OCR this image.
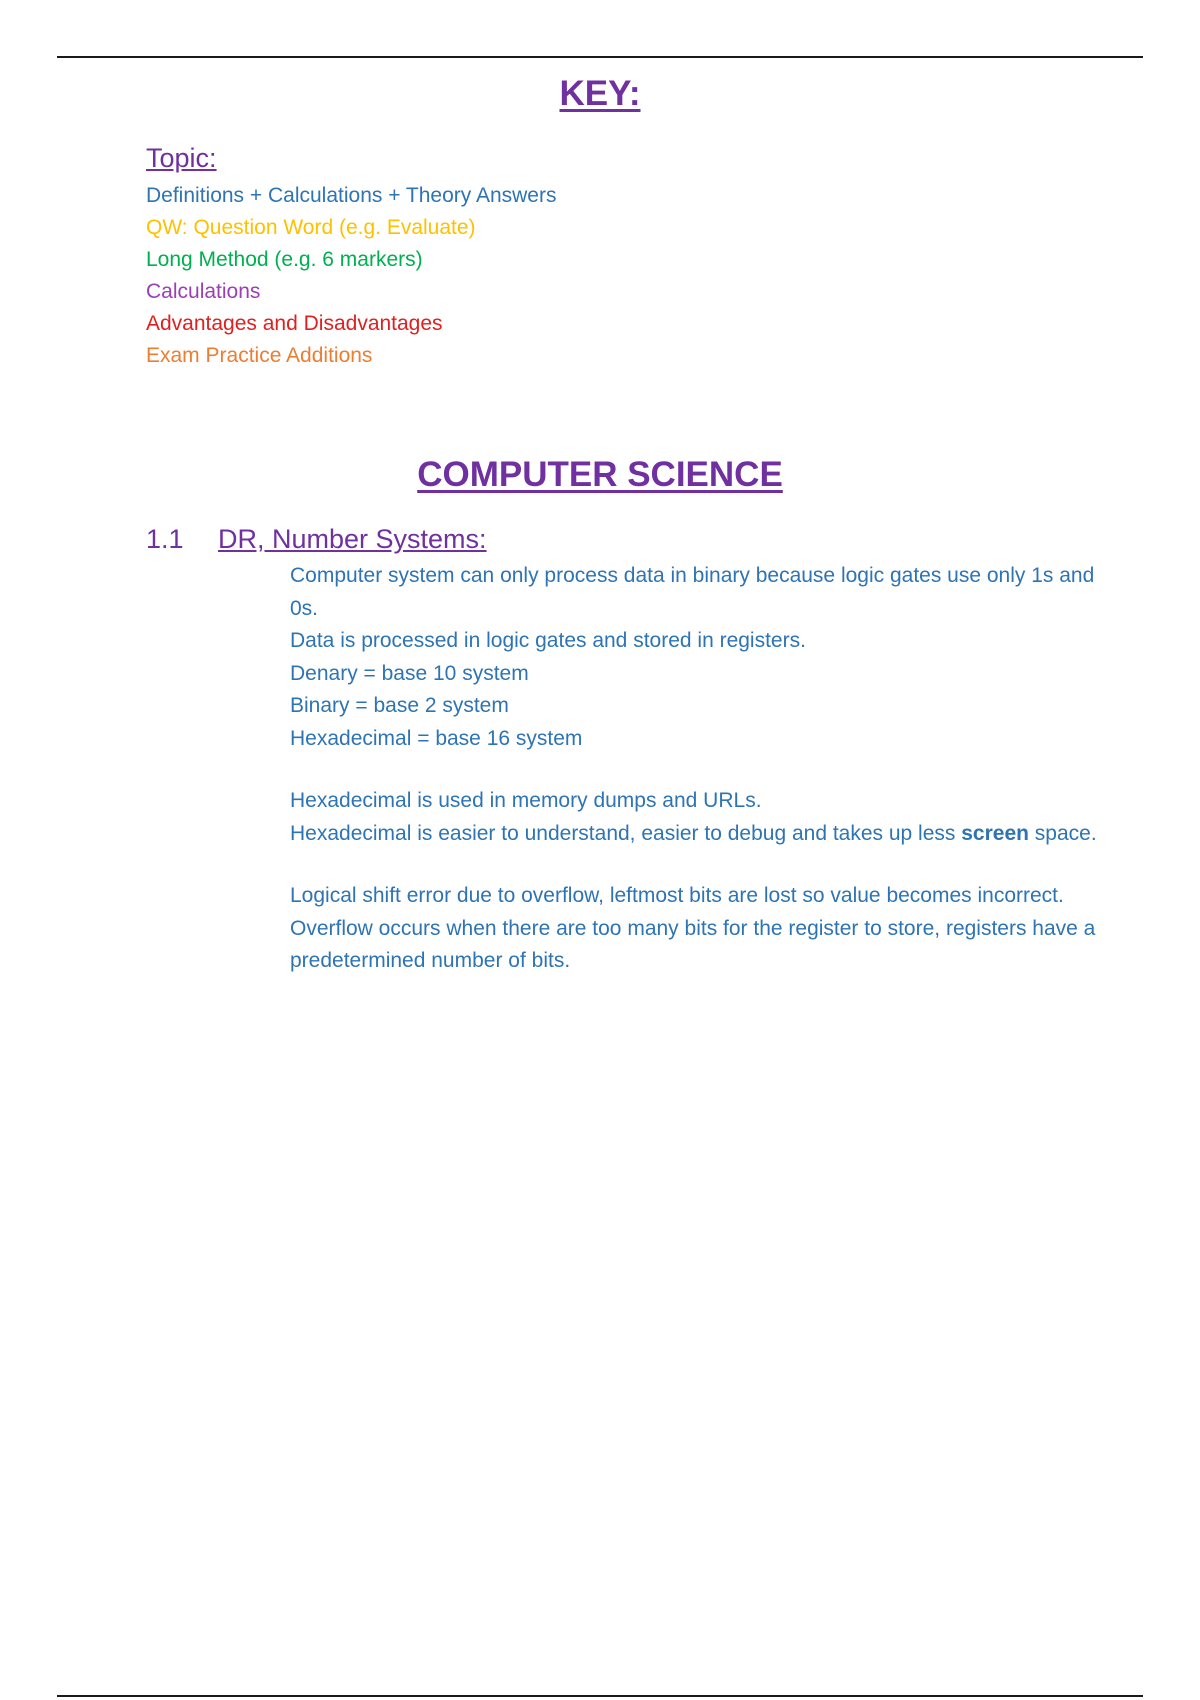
KEY:
Topic:
Definitions + Calculations + Theory Answers
QW: Question Word (e.g. Evaluate)
Long Method (e.g. 6 markers)
Calculations
Advantages and Disadvantages
Exam Practice Additions
COMPUTER SCIENCE
1.1 DR, Number Systems:

Computer system can only process data in binary because logic gates use only 1s and 0s.

Data is processed in logic gates and stored in registers.

Denary = base 10 system

Binary = base 2 system

Hexadecimal = base 16 system

Hexadecimal is used in memory dumps and URLs.

Hexadecimal is easier to understand, easier to debug and takes up less screen space.

Logical shift error due to overflow, leftmost bits are lost so value becomes incorrect.

Overflow occurs when there are too many bits for the register to store, registers have a predetermined number of bits.
